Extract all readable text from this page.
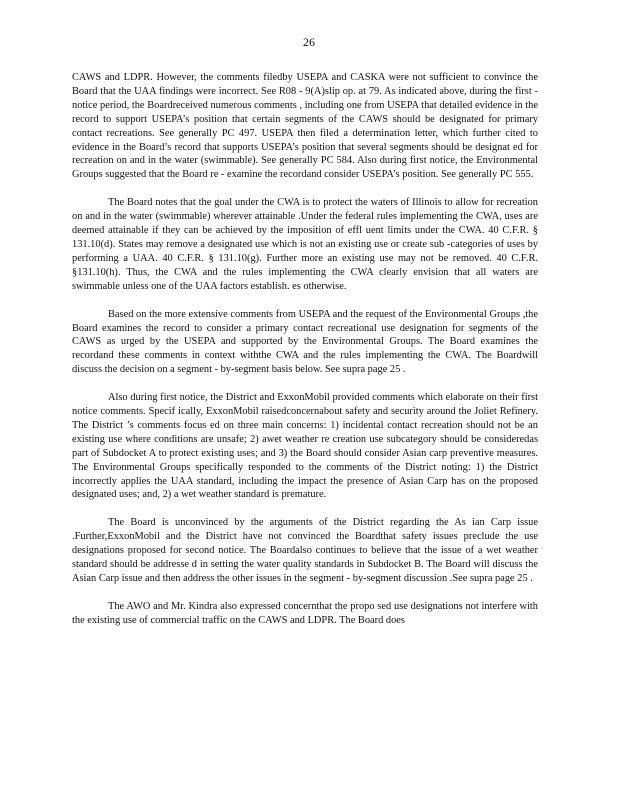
26

CAWS and LDPR. However, the comments filedby USEPA and CASKA were not sufficient to convince the Board that the UAA findings were incorrect. See R08 - 9(A)slip op. at 79. As indicated above, during the first -notice period, the Boardreceived numerous comments , including one from USEPA that detailed evidence in the record to support USEPA’s position that certain segments of the CAWS should be designated for primary contact recreations. See generally PC 497. USEPA then filed a determination letter, which further cited to evidence in the Board’s record that supports USEPA’s position that several segments should be designat ed for recreation on and in the water (swimmable). See generally PC 584. Also during first notice, the Environmental Groups suggested that the Board re - examine the recordand consider USEPA’s position. See generally PC 555.

The Board notes that the goal under the CWA is to protect the waters of Illinois to allow for recreation on and in the water (swimmable) wherever attainable .Under the federal rules implementing the CWA, uses are deemed attainable if they can be achieved by the imposition of effl uent limits under the CWA. 40 C.F.R. § 131.10(d). States may remove a designated use which is not an existing use or create sub -categories of uses by performing a UAA. 40 C.F.R. § 131.10(g). Further more an existing use may not be removed. 40 C.F.R. §131.10(h). Thus, the CWA and the rules implementing the CWA clearly envision that all waters are swimmable unless one of the UAA factors establish. es otherwise.

Based on the more extensive comments from USEPA and the request of the Environmental Groups ,the Board examines the record to consider a primary contact recreational use designation for segments of the CAWS as urged by the USEPA and supported by the Environmental Groups. The Board examines the recordand these comments in context withthe CWA and the rules implementing the CWA. The Boardwill discuss the decision on a segment - by-segment basis below. See supra page 25 .

Also during first notice, the District and ExxonMobil provided comments which elaborate on their first notice comments. Specif ically, ExxonMobil raisedconcernabout safety and security around the Joliet Refinery. The District ’s comments focus ed on three main concerns: 1) incidental contact recreation should not be an existing use where conditions are unsafe; 2) awet weather re creation use subcategory should be consideredas part of Subdocket A to protect existing uses; and 3) the Board should consider Asian carp preventive measures. The Environmental Groups specifically responded to the comments of the District noting: 1) the District incorrectly applies the UAA standard, including the impact the presence of Asian Carp has on the proposed designated uses; and, 2) a wet weather standard is premature.

The Board is unconvinced by the arguments of the District regarding the As ian Carp issue .Further,ExxonMobil and the District have not convinced the Boardthat safety issues preclude the use designations proposed for second notice. The Boardalso continues to believe that the issue of a wet weather standard should be addresse d in setting the water quality standards in Subdocket B. The Board will discuss the Asian Carp issue and then address the other issues in the segment - by-segment discussion .See supra page 25 .

The AWO and Mr. Kindra also expressed concernthat the propo sed use designations not interfere with the existing use of commercial traffic on the CAWS and LDPR. The Board does
